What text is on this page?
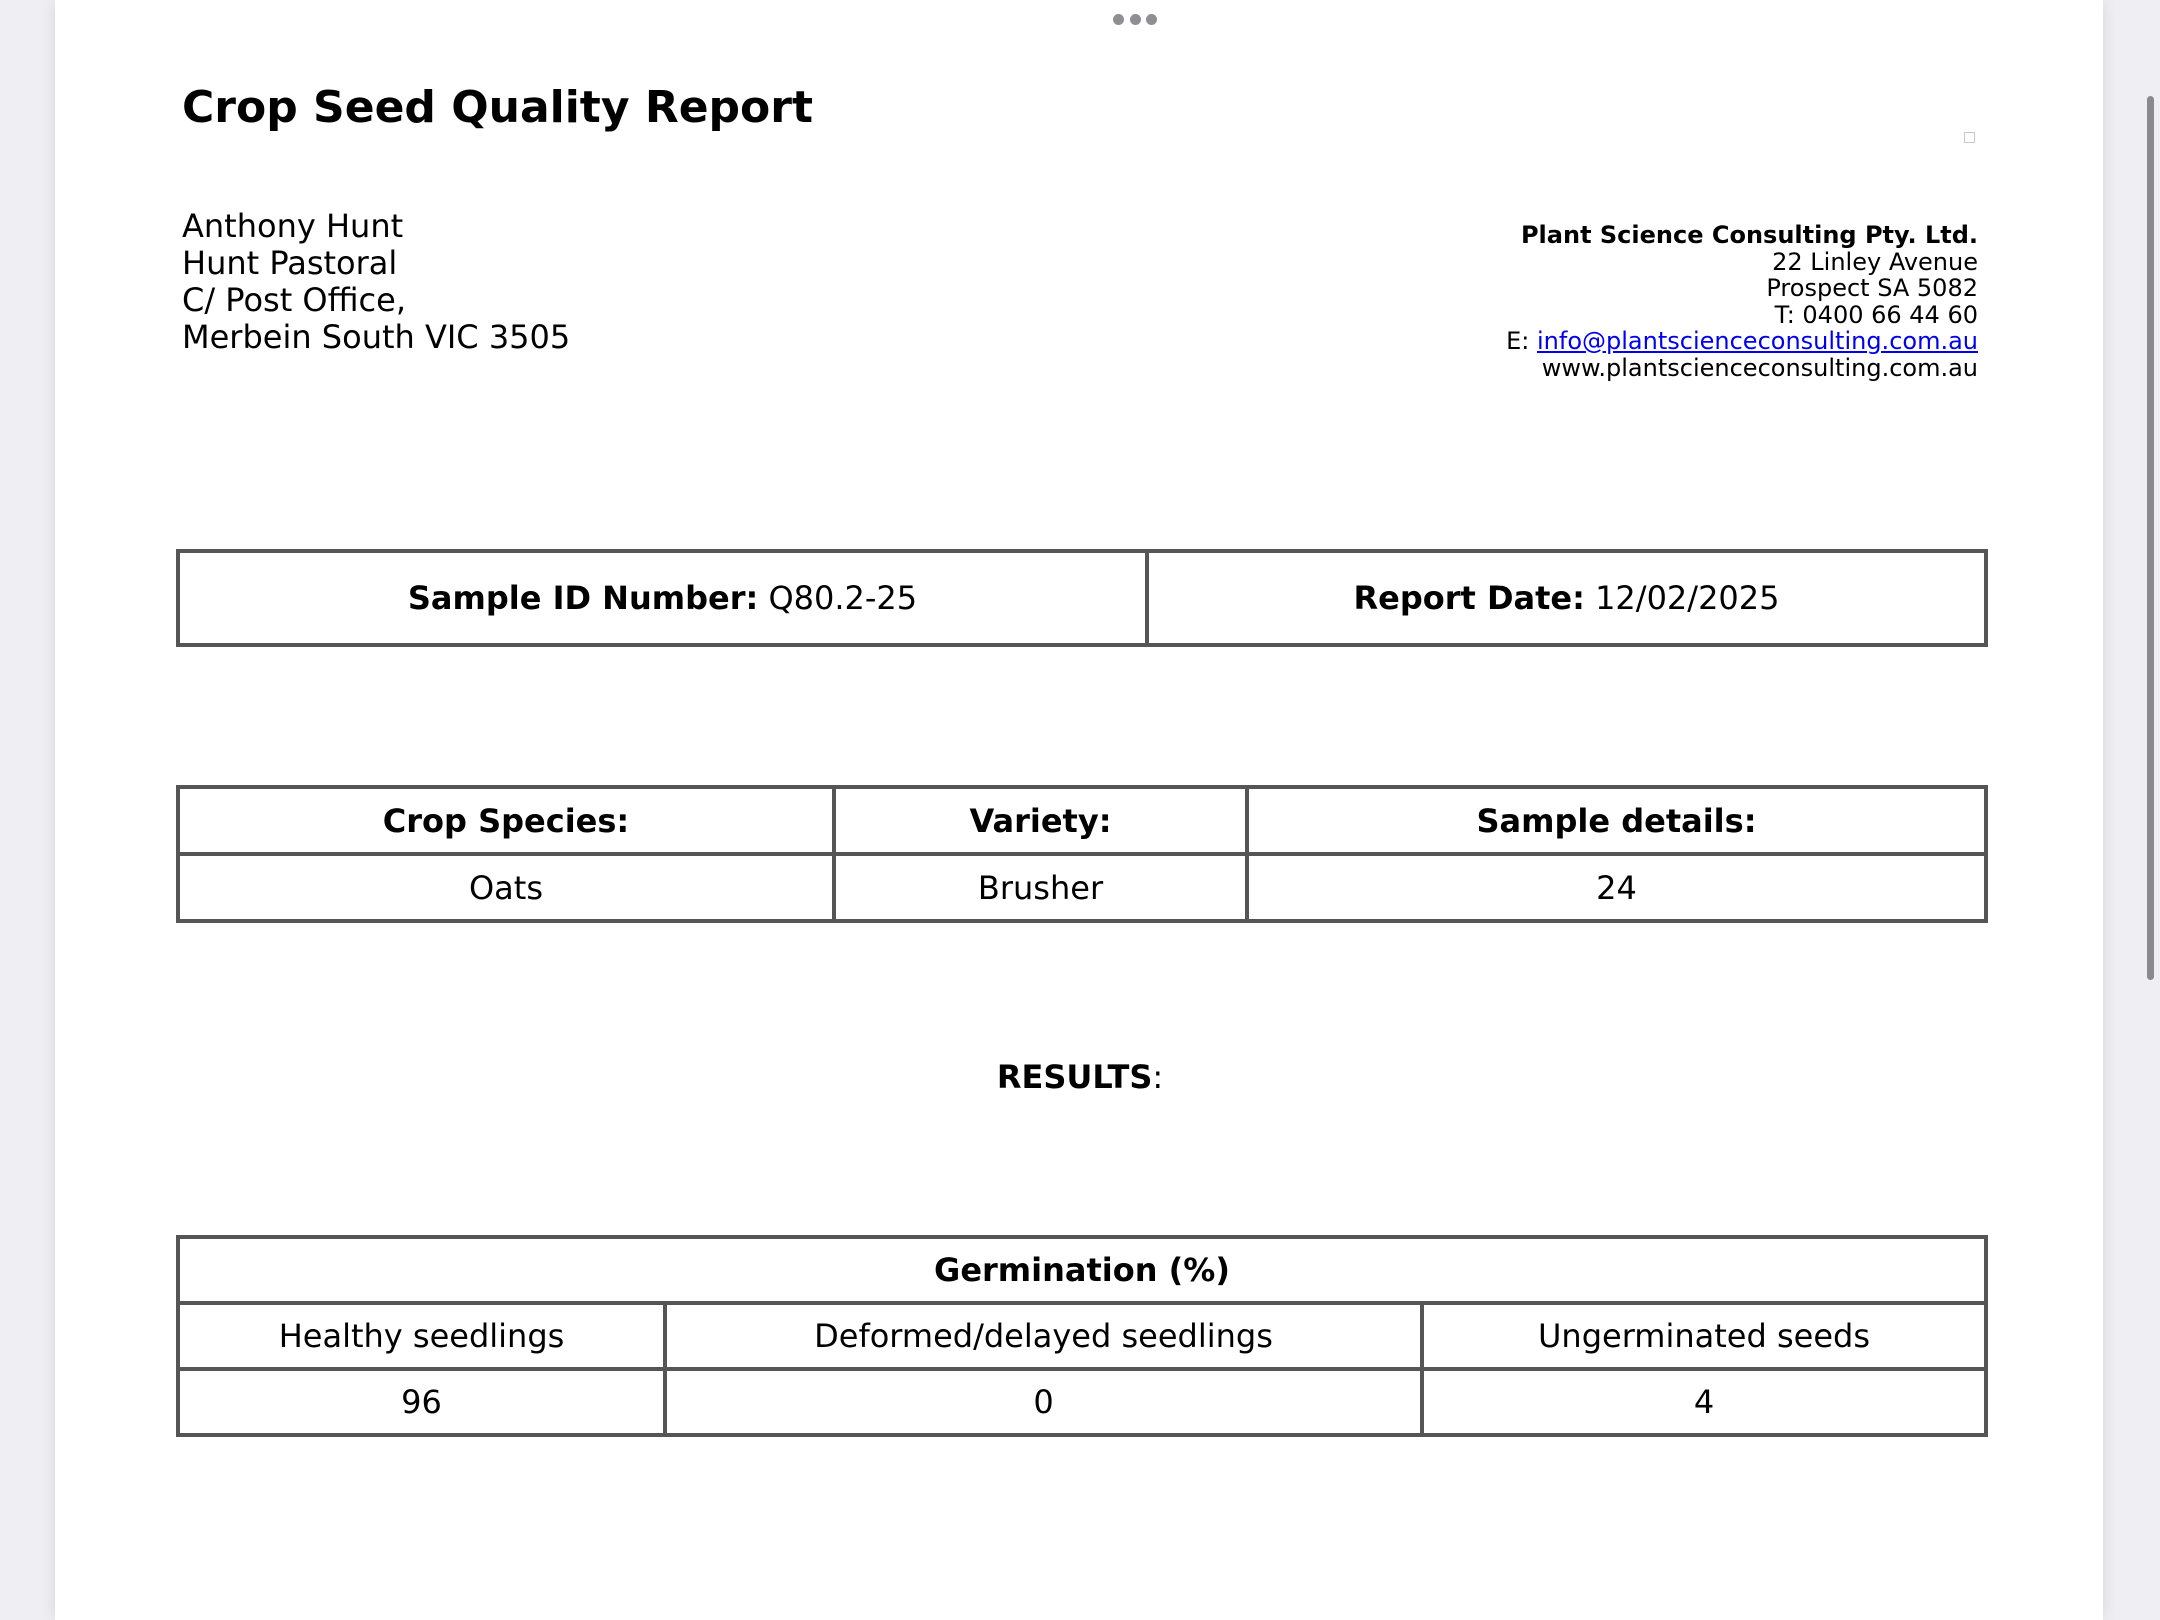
Crop Seed Quality Report
Anthony Hunt
Hunt Pastoral
C/ Post Office,
Merbein South VIC 3505
Plant Science Consulting Pty. Ltd.
22 Linley Avenue
Prospect SA 5082
T: 0400 66 44 60
E: info@plantscienceconsulting.com.au
www.plantscienceconsulting.com.au
Sample ID Number: Q80.2-25	Report Date: 12/02/2025
Crop Species:	Variety:	Sample details:
Oats	Brusher	24
RESULTS:
Germination (%)		
Healthy seedlings	Deformed/delayed seedlings	Ungerminated seeds
96	0	4
